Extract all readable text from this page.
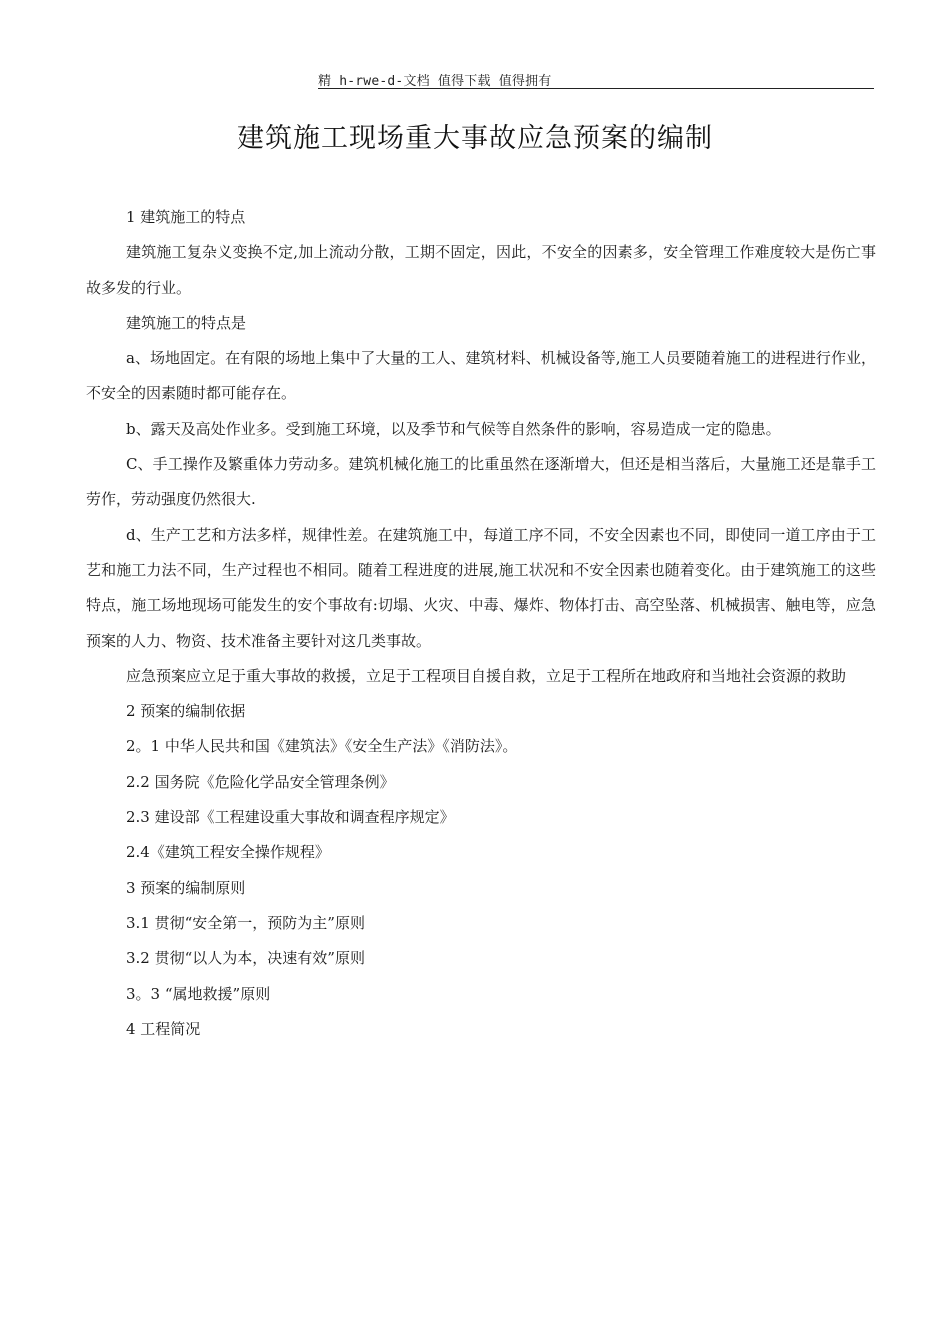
精 h-rwe-d-文档 值得下载 值得拥有
建筑施工现场重大事故应急预案的编制

1 建筑施工的特点

建筑施工复杂义变换不定,加上流动分散，工期不固定，因此，不安全的因素多，安全管理工作难度较大是伤亡事故多发的行业。

建筑施工的特点是

a、场地固定。在有限的场地上集中了大量的工人、建筑材料、机械设备等,施工人员要随着施工的进程进行作业，不安全的因素随时都可能存在。

b、露天及高处作业多。受到施工环境，以及季节和气候等自然条件的影响，容易造成一定的隐患。

C、手工操作及繁重体力劳动多。建筑机械化施工的比重虽然在逐渐增大，但还是相当落后，大量施工还是靠手工劳作，劳动强度仍然很大.

d、生产工艺和方法多样，规律性差。在建筑施工中，每道工序不同，不安全因素也不同，即使同一道工序由于工艺和施工力法不同，生产过程也不相同。随着工程进度的进展,施工状况和不安全因素也随着变化。由于建筑施工的这些特点，施工场地现场可能发生的安个事故有:切塌、火灾、中毒、爆炸、物体打击、高空坠落、机械损害、触电等，应急预案的人力、物资、技术准备主要针对这几类事故。

应急预案应立足于重大事故的救援，立足于工程项目自援自救，立足于工程所在地政府和当地社会资源的救助

2 预案的编制依据

2。1 中华人民共和国《建筑法》《安全生产法》《消防法》。

2.2 国务院《危险化学品安全管理条例》

2.3 建设部《工程建设重大事故和调查程序规定》

2.4《建筑工程安全操作规程》

3 预案的编制原则

3.1 贯彻“安全第一，预防为主”原则

3.2 贯彻“以人为本，决速有效”原则

3。3 “属地救援”原则

4 工程简况
